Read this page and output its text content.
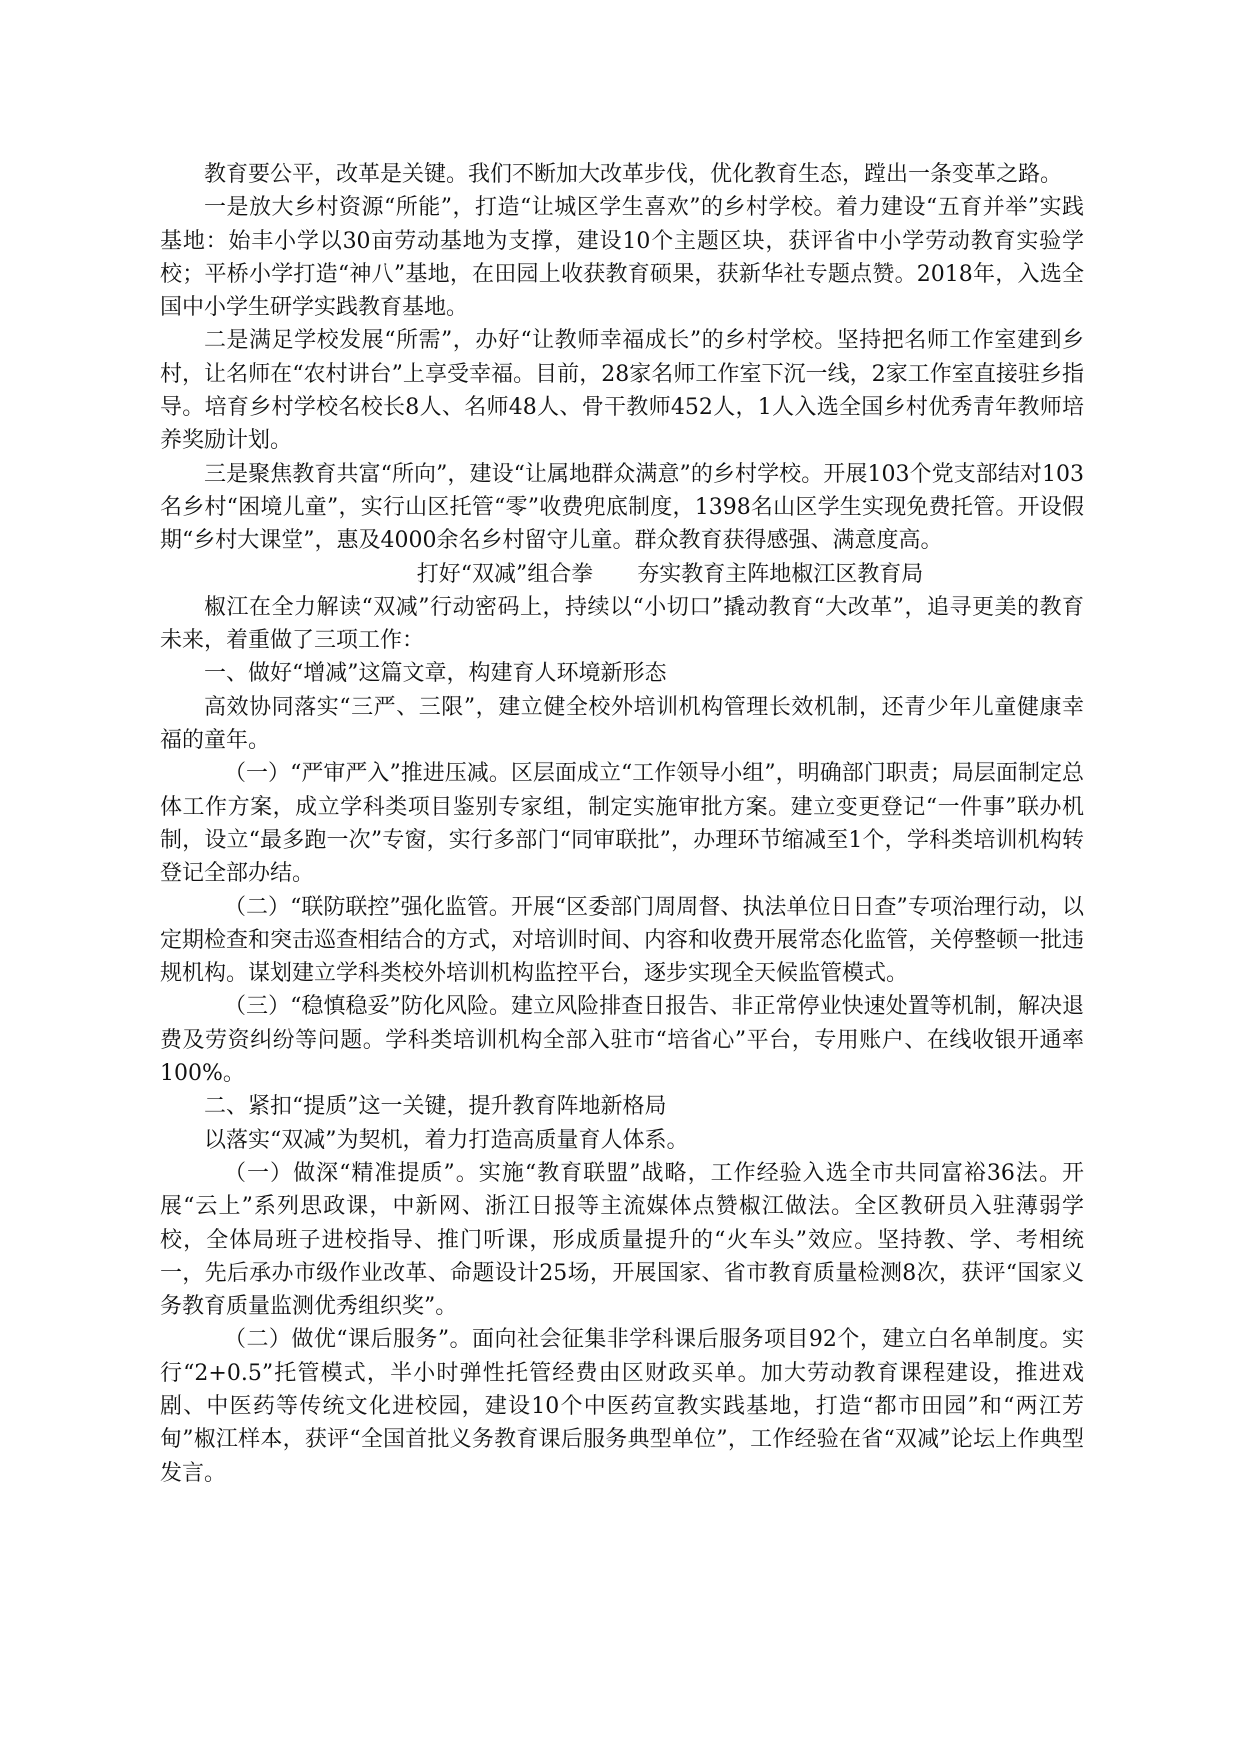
教育要公平，改革是关键。我们不断加大改革步伐，优化教育生态，蹚出一条变革之路。

一是放大乡村资源“所能”，打造“让城区学生喜欢”的乡村学校。着力建设“五育并举”实践基地：始丰小学以30亩劳动基地为支撑，建设10个主题区块，获评省中小学劳动教育实验学校；平桥小学打造“神八”基地，在田园上收获教育硕果，获新华社专题点赞。2018年，入选全国中小学生研学实践教育基地。

二是满足学校发展“所需”，办好“让教师幸福成长”的乡村学校。坚持把名师工作室建到乡村，让名师在“农村讲台”上享受幸福。目前，28家名师工作室下沉一线，2家工作室直接驻乡指导。培育乡村学校名校长8人、名师48人、骨干教师452人，1人入选全国乡村优秀青年教师培养奖励计划。

三是聚焦教育共富“所向”，建设“让属地群众满意”的乡村学校。开展103个党支部结对103名乡村“困境儿童”，实行山区托管“零”收费兜底制度，1398名山区学生实现免费托管。开设假期“乡村大课堂”，惠及4000余名乡村留守儿童。群众教育获得感强、满意度高。

打好“双减”组合拳　　夯实教育主阵地椒江区教育局

椒江在全力解读“双减”行动密码上，持续以“小切口”撬动教育“大改革”，追寻更美的教育未来，着重做了三项工作：

一、做好“增减”这篇文章，构建育人环境新形态

高效协同落实“三严、三限”，建立健全校外培训机构管理长效机制，还青少年儿童健康幸福的童年。

（一）“严审严入”推进压减。区层面成立“工作领导小组”，明确部门职责；局层面制定总体工作方案，成立学科类项目鉴别专家组，制定实施审批方案。建立变更登记“一件事”联办机制，设立“最多跑一次”专窗，实行多部门“同审联批”，办理环节缩减至1个，学科类培训机构转登记全部办结。

（二）“联防联控”强化监管。开展“区委部门周周督、执法单位日日查”专项治理行动，以定期检查和突击巡查相结合的方式，对培训时间、内容和收费开展常态化监管，关停整顿一批违规机构。谋划建立学科类校外培训机构监控平台，逐步实现全天候监管模式。

（三）“稳慎稳妥”防化风险。建立风险排查日报告、非正常停业快速处置等机制，解决退费及劳资纠纷等问题。学科类培训机构全部入驻市“培省心”平台，专用账户、在线收银开通率100%。

二、紧扣“提质”这一关键，提升教育阵地新格局

以落实“双减”为契机，着力打造高质量育人体系。

（一）做深“精准提质”。实施“教育联盟”战略，工作经验入选全市共同富裕36法。开展“云上”系列思政课，中新网、浙江日报等主流媒体点赞椒江做法。全区教研员入驻薄弱学校，全体局班子进校指导、推门听课，形成质量提升的“火车头”效应。坚持教、学、考相统一，先后承办市级作业改革、命题设计25场，开展国家、省市教育质量检测8次，获评“国家义务教育质量监测优秀组织奖”。

（二）做优“课后服务”。面向社会征集非学科课后服务项目92个，建立白名单制度。实行“2+0.5”托管模式，半小时弹性托管经费由区财政买单。加大劳动教育课程建设，推进戏剧、中医药等传统文化进校园，建设10个中医药宣教实践基地，打造“都市田园”和“两江芳甸”椒江样本，获评“全国首批义务教育课后服务典型单位”，工作经验在省“双减”论坛上作典型发言。
